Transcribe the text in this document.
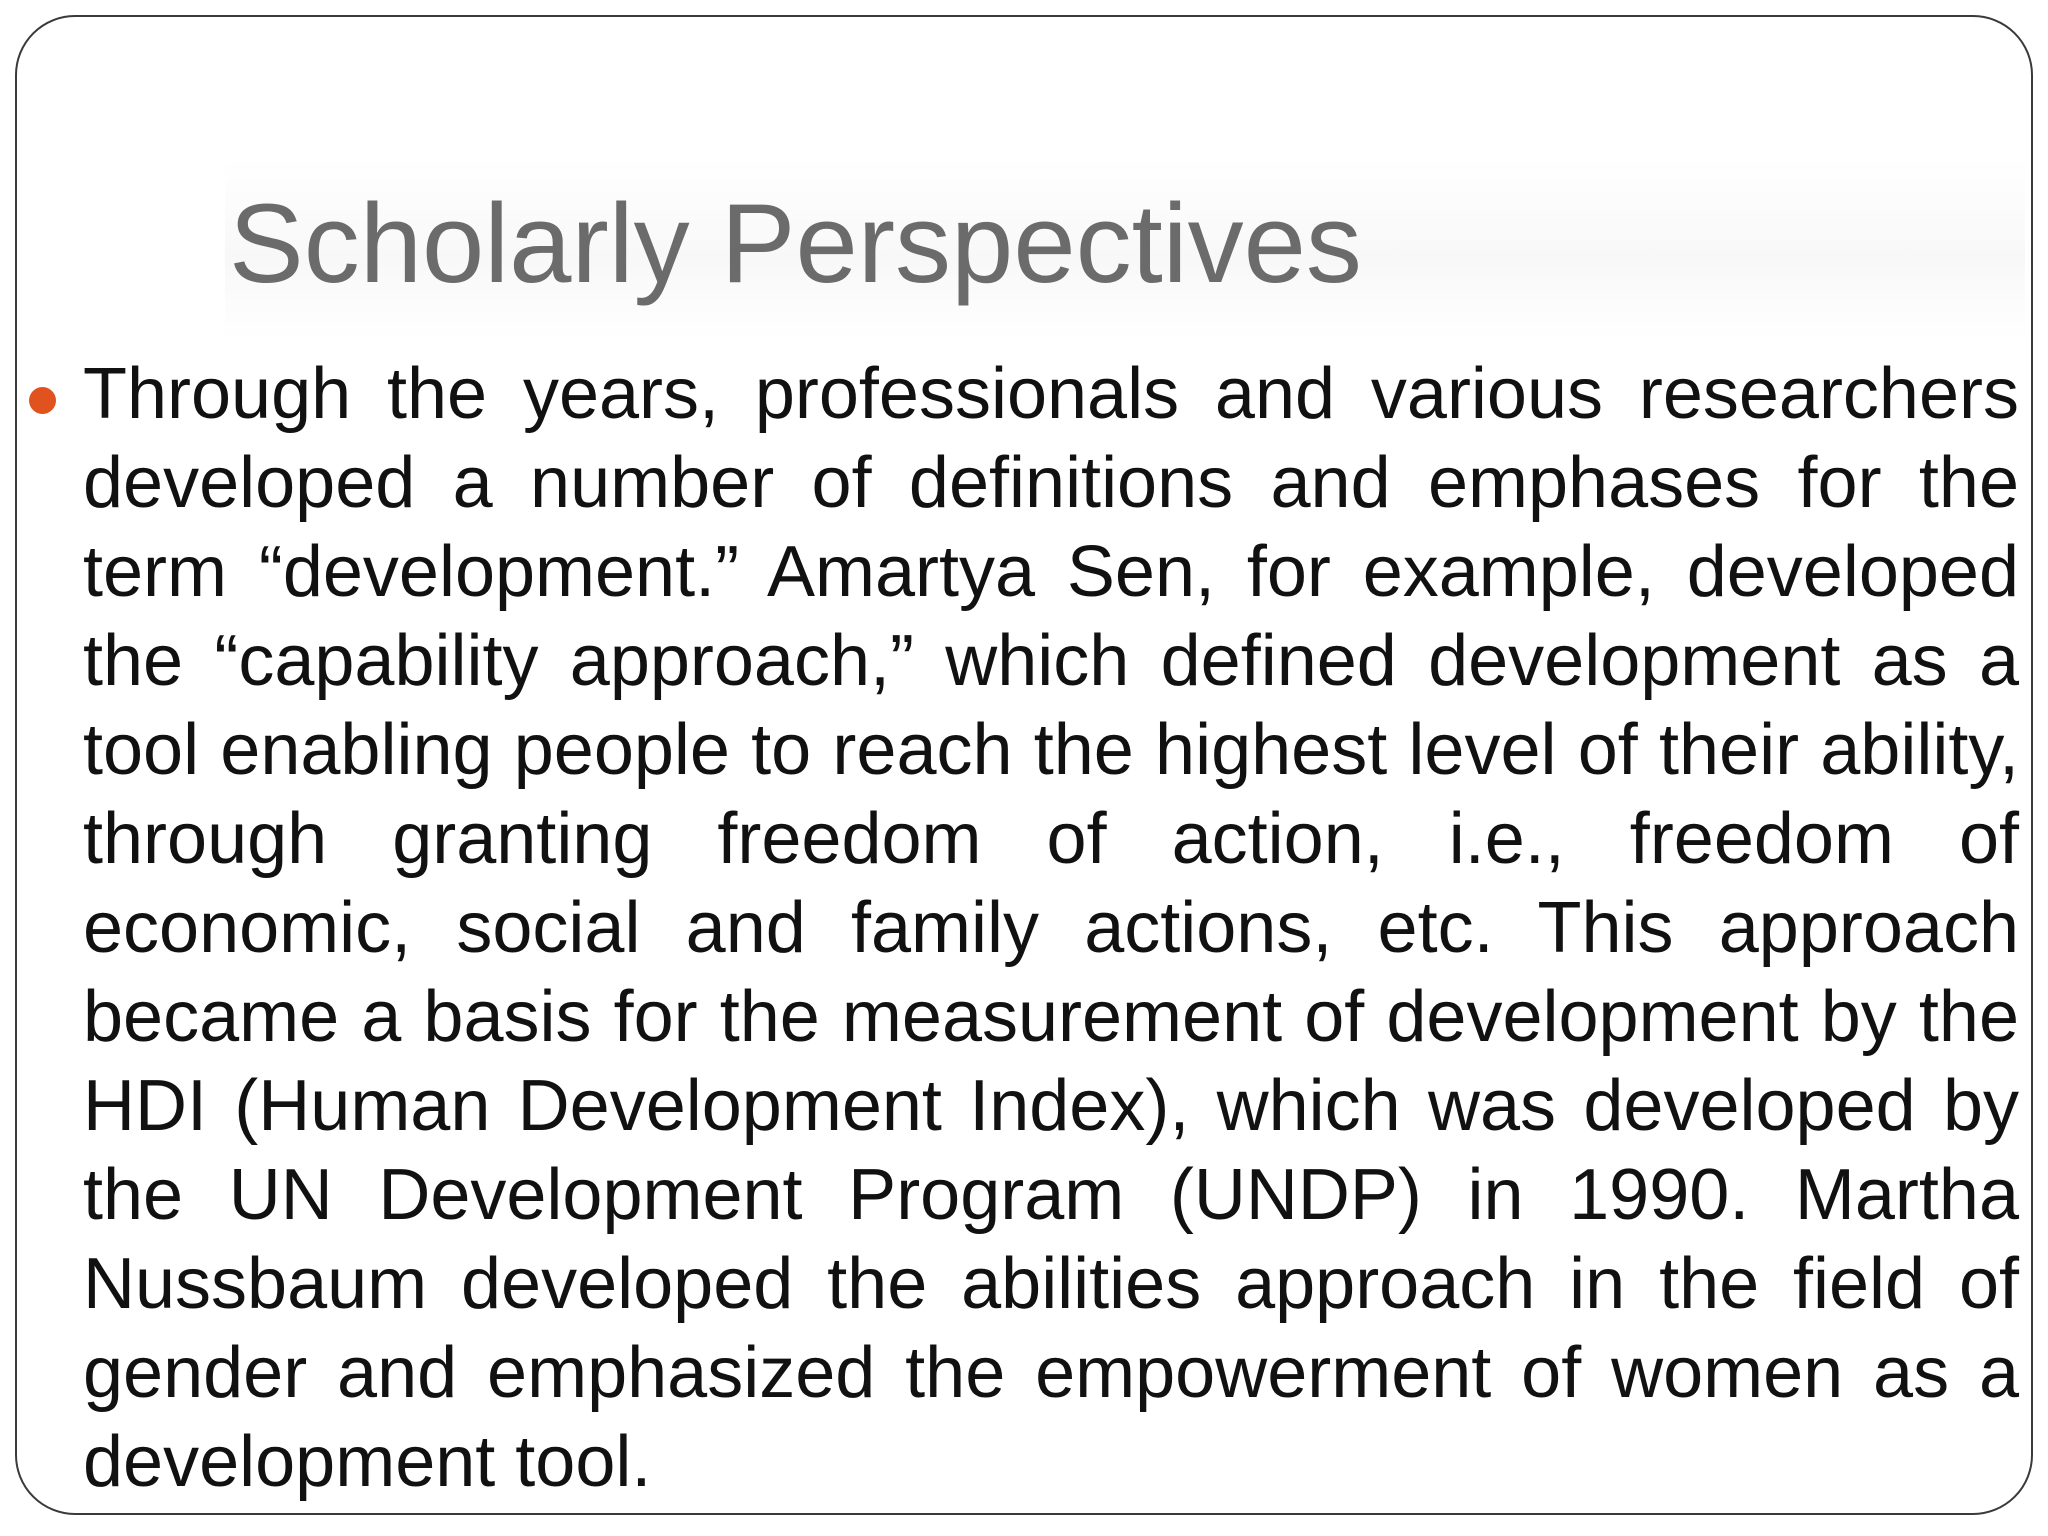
Scholarly Perspectives

Through the years, professionals and various researchers developed a number of definitions and emphases for the term “development.” Amartya Sen, for example, developed the “capability approach,” which defined development as a tool enabling people to reach the highest level of their ability, through granting freedom of action, i.e., freedom of economic, social and family actions, etc. This approach became a basis for the measurement of development by the HDI (Human Development Index), which was developed by the UN Development Program (UNDP) in 1990. Martha Nussbaum developed the abilities approach in the field of gender and emphasized the empowerment of women as a development tool.
